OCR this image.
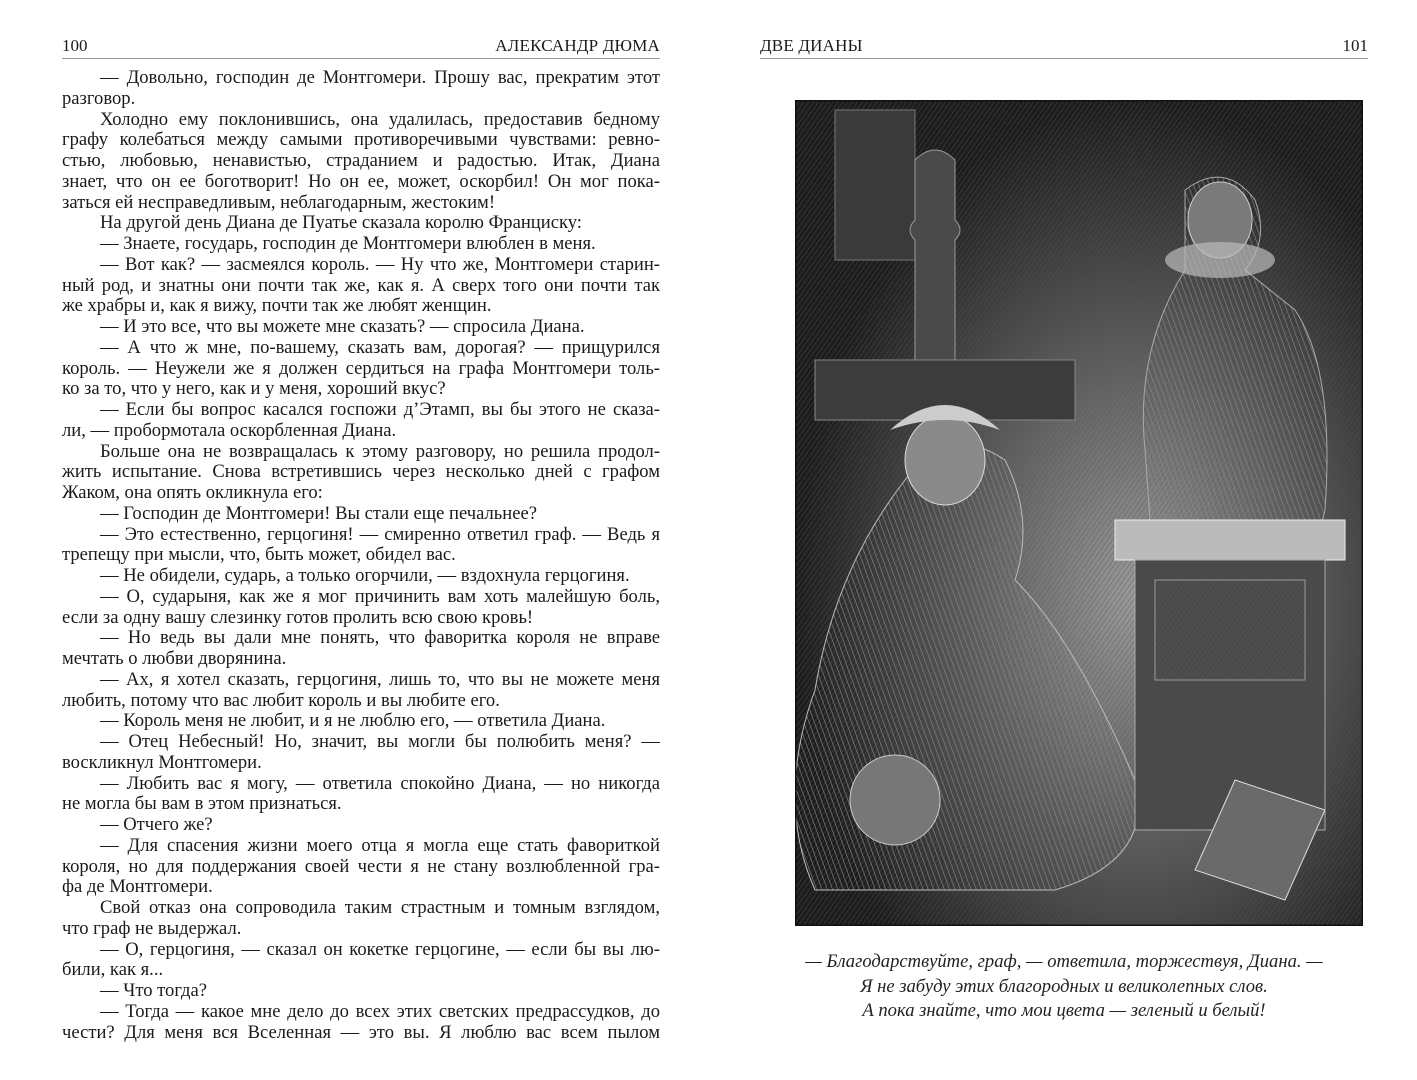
100	АЛЕКСАНДР ДЮМА
— Довольно, господин де Монтгомери. Прошу вас, прекратим этот
разговор.
Холодно ему поклонившись, она удалилась, предоставив бедному
графу колебаться между самыми противоречивыми чувствами: ревно-
стью, любовью, ненавистью, страданием и радостью. Итак, Диана
знает, что он ее боготворит! Но он ее, может, оскорбил! Он мог пока-
заться ей несправедливым, неблагодарным, жестоким!
На другой день Диана де Пуатье сказала королю Франциску:
— Знаете, государь, господин де Монтгомери влюблен в меня.
— Вот как? — засмеялся король. — Ну что же, Монтгомери старин-
ный род, и знатны они почти так же, как я. А сверх того они почти так
же храбры и, как я вижу, почти так же любят женщин.
— И это все, что вы можете мне сказать? — спросила Диана.
— А что ж мне, по-вашему, сказать вам, дорогая? — прищурился
король. — Неужели же я должен сердиться на графа Монтгомери толь-
ко за то, что у него, как и у меня, хороший вкус?
— Если бы вопрос касался госпожи д’Этамп, вы бы этого не сказа-
ли, — пробормотала оскорбленная Диана.
Больше она не возвращалась к этому разговору, но решила продол-
жить испытание. Снова встретившись через несколько дней с графом
Жаком, она опять окликнула его:
— Господин де Монтгомери! Вы стали еще печальнее?
— Это естественно, герцогиня! — смиренно ответил граф. — Ведь я
трепещу при мысли, что, быть может, обидел вас.
— Не обидели, сударь, а только огорчили, — вздохнула герцогиня.
— О, сударыня, как же я мог причинить вам хоть малейшую боль,
если за одну вашу слезинку готов пролить всю свою кровь!
— Но ведь вы дали мне понять, что фаворитка короля не вправе
мечтать о любви дворянина.
— Ах, я хотел сказать, герцогиня, лишь то, что вы не можете меня
любить, потому что вас любит король и вы любите его.
— Король меня не любит, и я не люблю его, — ответила Диана.
— Отец Небесный! Но, значит, вы могли бы полюбить меня? —
воскликнул Монтгомери.
— Любить вас я могу, — ответила спокойно Диана, — но никогда
не могла бы вам в этом признаться.
— Отчего же?
— Для спасения жизни моего отца я могла еще стать фавориткой
короля, но для поддержания своей чести я не стану возлюбленной гра-
фа де Монтгомери.
Свой отказ она сопроводила таким страстным и томным взглядом,
что граф не выдержал.
— О, герцогиня, — сказал он кокетке герцогине, — если бы вы лю-
били, как я...
— Что тогда?
— Тогда — какое мне дело до всех этих светских предрассудков, до
чести? Для меня вся Вселенная — это вы. Я люблю вас всем пылом
ДВЕ ДИАНЫ	101
— Благодарствуйте, граф, — ответила, торжествуя, Диана. —
Я не забуду этих благородных и великолепных слов.
А пока знайте, что мои цвета — зеленый и белый!
